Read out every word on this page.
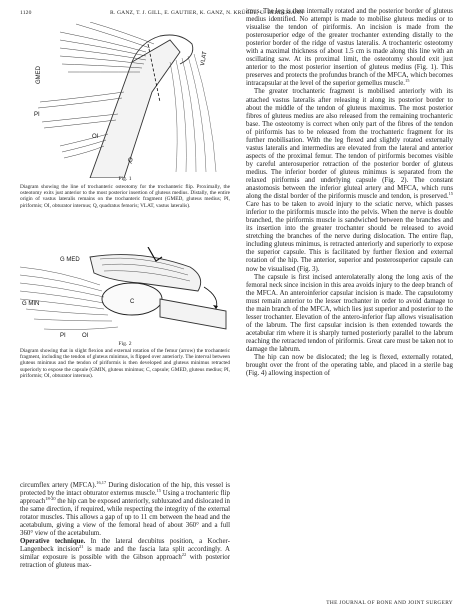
1120	R. GANZ, T. J. GILL, E. GAUTIER, K. GANZ, N. KRÜGEL, U. BERLEMANN
GMED
VLAT
PI
OI
Q
Fig. 1
Diagram showing the line of trochanteric osteotomy for the trochanteric flip. Proximally, the osteotomy exits just anterior to the most posterior insertion of gluteus medius. Distally, the entire origin of vastus lateralis remains on the trochanteric fragment (GMED, gluteus medius; PI, piriformis; OI, obturator internus; Q, quadratus femoris; VLAT, vastus lateralis).
G MED
G MIN	C
PI	OI
Fig. 2
Diagram showing that in slight flexion and external rotation of the femur (arrow) the trochanteric fragment, including the tendon of gluteus minimus, is flipped over anteriorly. The interval between gluteus minimus and the tendon of piriformis is then developed and gluteus minimus retracted superiorly to expose the capsule (GMIN, gluteus minimus; C, capsule; GMED, gluteus medius; PI, piriformis; OI, obturator internus).

circumflex artery (MFCA).$^{16,17}$ During dislocation of the hip, this vessel is protected by the intact obturator externus muscle.$^{15}$ Using a trochanteric flip approach$^{18-20}$ the hip can be exposed anteriorly, subluxated and dislocated in the same direction, if required, while respecting the integrity of the external rotator muscles. This allows a gap of up to 11 cm between the head and the acetabulum, giving a view of the femoral head of about 360° and a full 360° view of the acetabulum.

Operative technique. In the lateral decubitus position, a Kocher-Langenbeck incision$^{21}$ is made and the fascia lata split accordingly. A similar exposure is possible with the Gibson approach$^{22}$ with posterior retraction of gluteus max-

imus. The leg is then internally rotated and the posterior border of gluteus medius identified. No attempt is made to mobilise gluteus medius or to visualise the tendon of piriformis. An incision is made from the posterosuperior edge of the greater trochanter extending distally to the posterior border of the ridge of vastus lateralis. A trochanteric osteotomy with a maximal thickness of about 1.5 cm is made along this line with an oscillating saw. At its proximal limit, the osteotomy should exit just anterior to the most posterior insertion of gluteus medius (Fig. 1). This preserves and protects the profundus branch of the MFCA, which becomes intracapsular at the level of the superior gemellus muscle.$^{15}$

The greater trochanteric fragment is mobilised anteriorly with its attached vastus lateralis after releasing it along its posterior border to about the middle of the tendon of gluteus maximus. The most posterior fibres of gluteus medius are also released from the remaining trochanteric base. The osteotomy is correct when only part of the fibres of the tendon of piriformis has to be released from the trochanteric fragment for its further mobilisation. With the leg flexed and slightly rotated externally vastus lateralis and intermedius are elevated from the lateral and anterior aspects of the proximal femur. The tendon of piriformis becomes visible by careful anterosuperior retraction of the posterior border of gluteus medius. The inferior border of gluteus minimus is separated from the relaxed piriformis and underlying capsule (Fig. 2). The constant anastomosis between the inferior gluteal artery and MFCA, which runs along the distal border of the piriformis muscle and tendon, is preserved.$^{15}$ Care has to be taken to avoid injury to the sciatic nerve, which passes inferior to the piriformis muscle into the pelvis. When the nerve is double branched, the piriformis muscle is sandwiched between the branches and its insertion into the greater trochanter should be released to avoid stretching the branches of the nerve during dislocation. The entire flap, including gluteus minimus, is retracted anteriorly and superiorly to expose the superior capsule. This is facilitated by further flexion and external rotation of the hip. The anterior, superior and posterosuperior capsule can now be visualised (Fig. 3).

The capsule is first incised anterolaterally along the long axis of the femoral neck since incision in this area avoids injury to the deep branch of the MFCA. An anteroinferior capsular incision is made. The capsulotomy must remain anterior to the lesser trochanter in order to avoid damage to the main branch of the MFCA, which lies just superior and posterior to the lesser trochanter. Elevation of the antero-inferior flap allows visualisation of the labrum. The first capsular incision is then extended towards the acetabular rim where it is sharply turned posteriorly parallel to the labrum reaching the retracted tendon of piriformis. Great care must be taken not to damage the labrum.

The hip can now be dislocated; the leg is flexed, externally rotated, brought over the front of the operating table, and placed in a sterile bag (Fig. 4) allowing inspection of

THE JOURNAL OF BONE AND JOINT SURGERY
